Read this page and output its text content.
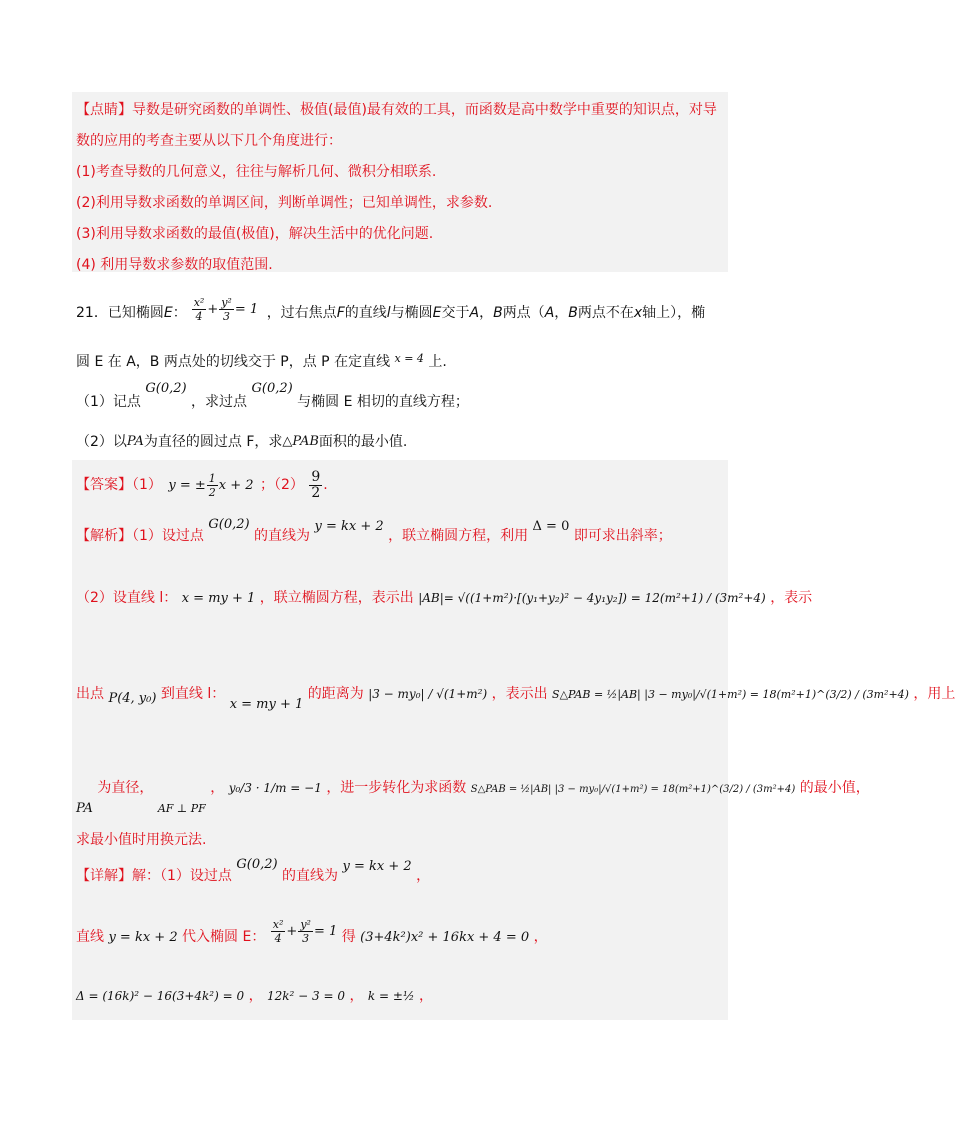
【点睛】导数是研究函数的单调性、极值(最值)最有效的工具，而函数是高中数学中重要的知识点，对导
数的应用的考查主要从以下几个角度进行：
(1)考查导数的几何意义，往往与解析几何、微积分相联系.
(2)利用导数求函数的单调区间，判断单调性；已知单调性，求参数.
(3)利用导数求函数的最值(极值)，解决生活中的优化问题.
(4) 利用导数求参数的取值范围.
21．已知椭圆E： $\frac{\text{x²}}{4} + \frac{\text{y²}}{3} = 1$ ，过右焦点F的直线l与椭圆E交于A，B两点（A，B两点不在x轴上），椭
圆 E 在 A，B 两点处的切线交于 P，点 P 在定直线 $^{x = 4}$ 上.
（1）记点 G(0,2) ，求过点 G(0,2) 与椭圆 E 相切的直线方程；
（2）以PA为直径的圆过点 F，求△PAB面积的最小值.
【答案】（1） y = ± $\frac{1}{2}$ x + 2 ；$(2) \frac{9}{2}$ .
【解析】（1）设过点 G(0,2) 的直线为 y = kx + 2 ，联立椭圆方程，利用 Δ = 0 即可求出斜率；
（2）设直线 l： x = my + 1 ，联立椭圆方程，表示出 |AB|= √((1+m²)·[(y₁+y₂)² − 4y₁y₂]) = 12(m²+1) / (3m²+4) ，表示
出点 P(4, y₀) 到直线 l： x = my + 1 的距离为 |3 − my₀| / √(1+m²) ，表示出 S△PAB = ½|AB| |3 − my₀|/√(1+m²) = 18(m²+1)^(3/2) / (3m²+4) ，用上
PA 为直径， $_{AF \perp PF}$ ， y₀/3 · 1/m = −1 ，进一步转化为求函数 S△PAB = ½|AB| |3 − my₀|/√(1+m²) = 18(m²+1)^(3/2) / (3m²+4) 的最小值，
求最小值时用换元法.
【详解】解：（1）设过点 G(0,2) 的直线为 y = kx + 2 ，
直线 y = kx + 2 代入椭圆 E： $\frac{\text{x²}}{4} + \frac{\text{y²}}{3} = 1$ 得 (3+4k²)x² + 16kx + 4 = 0 ，
Δ = (16k)² − 16(3+4k²) = 0 ， 12k² − 3 = 0 ， k = ±½ ，
